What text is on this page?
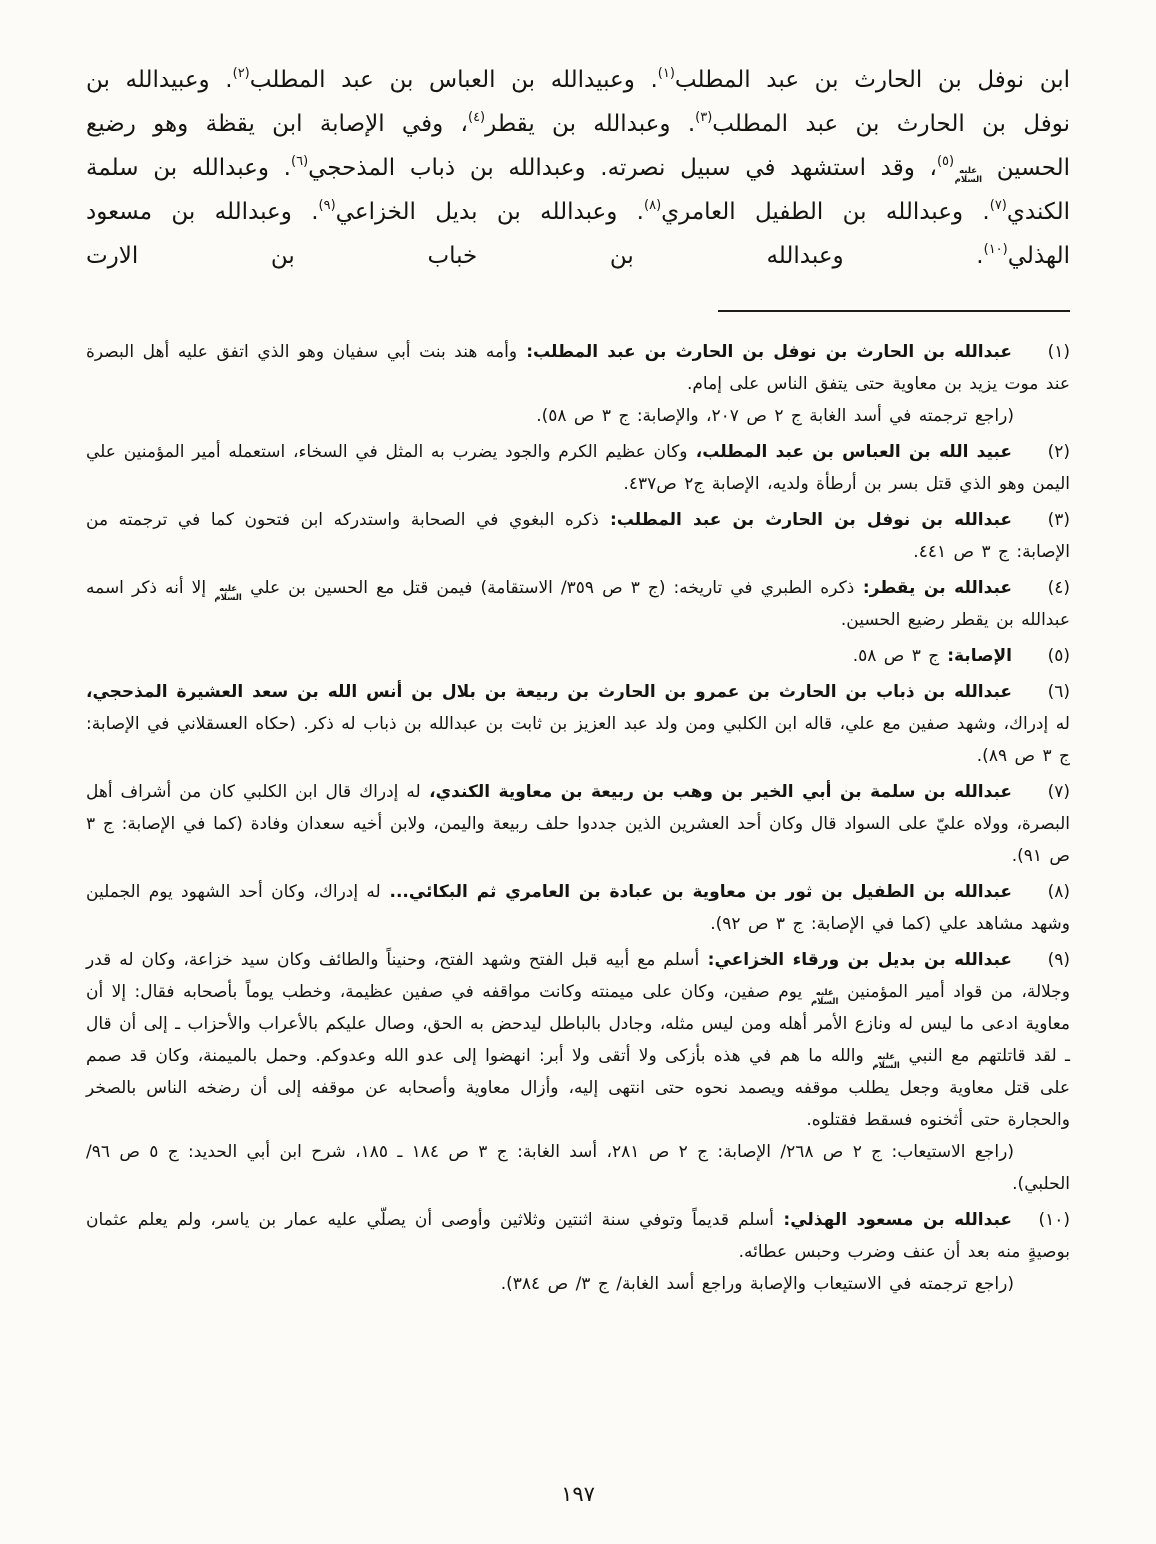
ابن نوفل بن الحارث بن عبد المطلب$^{(١)}$. وعبيدالله بن العباس بن عبد المطلب$^{(٢)}$. وعبيدالله بن نوفل بن الحارث بن عبد المطلب$^{(٣)}$. وعبدالله بن يقطر$^{(٤)}$، وفي الإصابة ابن يقظة وهو رضيع الحسين عليه السلام$^{(٥)}$، وقد استشهد في سبيل نصرته. وعبدالله بن ذباب المذحجي$^{(٦)}$. وعبدالله بن سلمة الكندي$^{(٧)}$. وعبدالله بن الطفيل العامري$^{(٨)}$. وعبدالله بن بديل الخزاعي$^{(٩)}$. وعبدالله بن مسعود الهذلي$^{(١٠)}$. وعبدالله بن خباب بن الارت

(١)عبدالله بن الحارث بن نوفل بن الحارث بن عبد المطلب: وأمه هند بنت أبي سفيان وهو الذي اتفق عليه أهل البصرة عند موت يزيد بن معاوية حتى يتفق الناس على إمام.

(راجع ترجمته في أسد الغابة ج ٢ ص ٢٠٧، والإصابة: ج ٣ ص ٥٨).

(٢)عبيد الله بن العباس بن عبد المطلب، وكان عظيم الكرم والجود يضرب به المثل في السخاء، استعمله أمير المؤمنين علي اليمن وهو الذي قتل بسر بن أرطأة ولديه، الإصابة ج٢ ص٤٣٧.

(٣)عبدالله بن نوفل بن الحارث بن عبد المطلب: ذكره البغوي في الصحابة واستدركه ابن فتحون كما في ترجمته من الإصابة: ج ٣ ص ٤٤١.

(٤)عبدالله بن يقطر: ذكره الطبري في تاريخه: (ج ٣ ص ٣٥٩/ الاستقامة) فيمن قتل مع الحسين بن علي عليه السلام إلا أنه ذكر اسمه عبدالله بن يقطر رضيع الحسين.

(٥)الإصابة: ج ٣ ص ٥٨.

(٦)عبدالله بن ذباب بن الحارث بن عمرو بن الحارث بن ربيعة بن بلال بن أنس الله بن سعد العشيرة المذحجي، له إدراك، وشهد صفين مع علي، قاله ابن الكلبي ومن ولد عبد العزيز بن ثابت بن عبدالله بن ذباب له ذكر. (حكاه العسقلاني في الإصابة: ج ٣ ص ٨٩).

(٧)عبدالله بن سلمة بن أبي الخير بن وهب بن ربيعة بن معاوية الكندي، له إدراك قال ابن الكلبي كان من أشراف أهل البصرة، وولاه عليّ على السواد قال وكان أحد العشرين الذين جددوا حلف ربيعة واليمن، ولابن أخيه سعدان وفادة (كما في الإصابة: ج ٣ ص ٩١).

(٨)عبدالله بن الطفيل بن ثور بن معاوية بن عبادة بن العامري ثم البكائي... له إدراك، وكان أحد الشهود يوم الجملين وشهد مشاهد علي (كما في الإصابة: ج ٣ ص ٩٢).

(٩)عبدالله بن بديل بن ورقاء الخزاعي: أسلم مع أبيه قبل الفتح وشهد الفتح، وحنيناً والطائف وكان سيد خزاعة، وكان له قدر وجلالة، من قواد أمير المؤمنين عليه السلام يوم صفين، وكان على ميمنته وكانت مواقفه في صفين عظيمة، وخطب يوماً بأصحابه فقال: إلا أن معاوية ادعى ما ليس له ونازع الأمر أهله ومن ليس مثله، وجادل بالباطل ليدحض به الحق، وصال عليكم بالأعراب والأحزاب ـ إلى أن قال ـ لقد قاتلتهم مع النبي عليه السلام والله ما هم في هذه بأزكى ولا أتقى ولا أبر: انهضوا إلى عدو الله وعدوكم. وحمل بالميمنة، وكان قد صمم على قتل معاوية وجعل يطلب موقفه ويصمد نحوه حتى انتهى إليه، وأزال معاوية وأصحابه عن موقفه إلى أن رضخه الناس بالصخر والحجارة حتى أثخنوه فسقط فقتلوه.

(راجع الاستيعاب: ج ٢ ص ٢٦٨/ الإصابة: ج ٢ ص ٢٨١، أسد الغابة: ج ٣ ص ١٨٤ ـ ١٨٥، شرح ابن أبي الحديد: ج ٥ ص ٩٦/ الحلبي).

(١٠)عبدالله بن مسعود الهذلي: أسلم قديماً وتوفي سنة اثنتين وثلاثين وأوصى أن يصلّي عليه عمار بن ياسر، ولم يعلم عثمان بوصيةٍ منه بعد أن عنف وضرب وحبس عطائه.

(راجع ترجمته في الاستيعاب والإصابة وراجع أسد الغابة/ ج ٣/ ص ٣٨٤).

١٩٧
